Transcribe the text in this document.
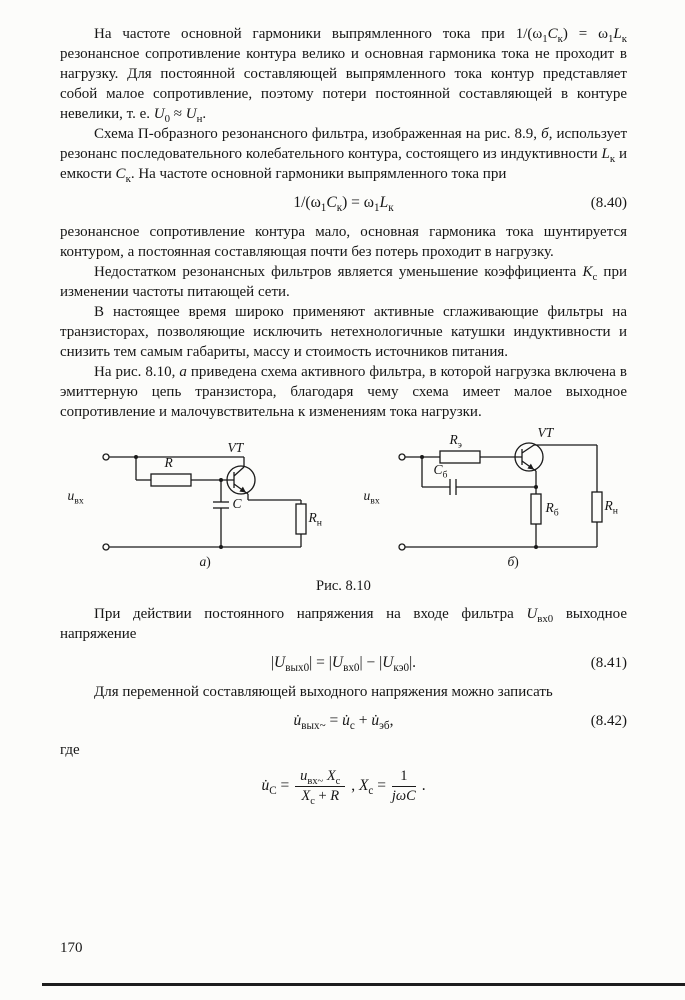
На частоте основной гармоники выпрямленного тока при $1/(\omega_1C_к) = \omega_1L_к$ резонансное сопротивление контура велико и основная гармоника тока не проходит в нагрузку. Для постоянной составляющей выпрямленного тока контур представляет собой малое сопротивление, поэтому потери постоянной составляющей в контуре невелики, т. е. $U_0 \approx U_н$.

Схема П-образного резонансного фильтра, изображенная на рис. 8.9, б, использует резонанс последовательного колебательного контура, состоящего из индуктивности $L_к$ и емкости $C_к$. На частоте основной гармоники выпрямленного тока при

$1/(\omega_1C_к) = \omega_1L_к$	(8.40)

резонансное сопротивление контура мало, основная гармоника тока шунтируется контуром, а постоянная составляющая почти без потерь проходит в нагрузку.

Недостатком резонансных фильтров является уменьшение коэффициента $K_с$ при изменении частоты питающей сети.

В настоящее время широко применяют активные сглаживающие фильтры на транзисторах, позволяющие исключить нетехнологичные катушки индуктивности и снизить тем самым габариты, массу и стоимость источников питания.

На рис. 8.10, а приведена схема активного фильтра, в которой нагрузка включена в эмиттерную цепь транзистора, благодаря чему схема имеет малое выходное сопротивление и малочувствительна к изменениям тока нагрузки.

VT
R
C
$R_н$
$u_{вх}$
а)
$R_э$
VT
$C_б$
$R_б$
$R_н$
$u_{вх}$
б)
Рис. 8.10

При действии постоянного напряжения на входе фильтра $U_{вх0}$ выходное напряжение

$|U_{вых0}| = |U_{вх0}| - |U_{кэ0}|$.	(8.41)

Для переменной составляющей выходного напряжения можно записать

$u̇_{вых\sim}$ = $u̇_c$ + $u̇_{эб}$,	(8.42)

где

$u̇_C = \frac{u_{вх\sim} X_c}{X_c + R}$ , $X_c = \frac{1}{\text{jωC}}$ .
170
